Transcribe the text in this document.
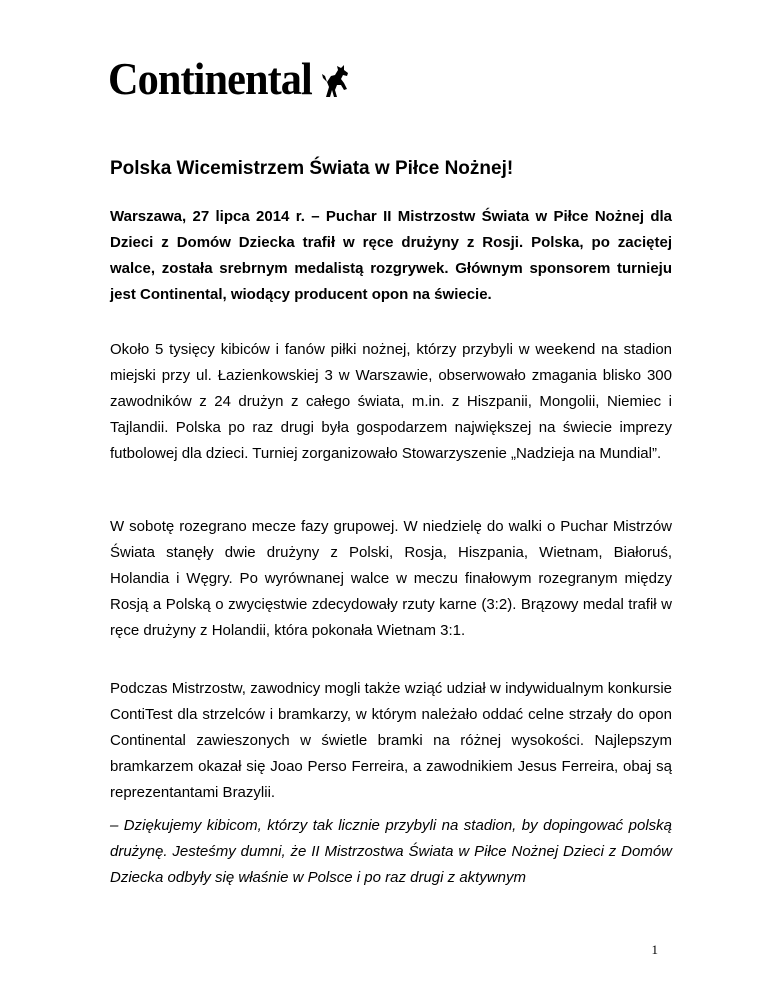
Continental
Polska Wicemistrzem Świata w Piłce Nożnej!

Warszawa, 27 lipca 2014 r. – Puchar II Mistrzostw Świata w Piłce Nożnej dla Dzieci z Domów Dziecka trafił w ręce drużyny z Rosji. Polska, po zaciętej walce, została srebrnym medalistą rozgrywek. Głównym sponsorem turnieju jest Continental, wiodący producent opon na świecie.

Około 5 tysięcy kibiców i fanów piłki nożnej, którzy przybyli w weekend na stadion miejski przy ul. Łazienkowskiej 3 w Warszawie, obserwowało zmagania blisko 300 zawodników z 24 drużyn z całego świata, m.in. z Hiszpanii, Mongolii, Niemiec i Tajlandii. Polska po raz drugi była gospodarzem największej na świecie imprezy futbolowej dla dzieci. Turniej zorganizowało Stowarzyszenie „Nadzieja na Mundial”.

W sobotę rozegrano mecze fazy grupowej. W niedzielę do walki o Puchar Mistrzów Świata stanęły dwie drużyny z Polski, Rosja, Hiszpania, Wietnam, Białoruś, Holandia i Węgry. Po wyrównanej walce w meczu finałowym rozegranym między Rosją a Polską o zwycięstwie zdecydowały rzuty karne (3:2). Brązowy medal trafił w ręce drużyny z Holandii, która pokonała Wietnam 3:1.

Podczas Mistrzostw, zawodnicy mogli także wziąć udział w indywidualnym konkursie ContiTest dla strzelców i bramkarzy, w którym należało oddać celne strzały do opon Continental zawieszonych w świetle bramki na różnej wysokości. Najlepszym bramkarzem okazał się Joao Perso Ferreira, a zawodnikiem Jesus Ferreira, obaj są reprezentantami Brazylii.

– Dziękujemy kibicom, którzy tak licznie przybyli na stadion, by dopingować polską drużynę. Jesteśmy dumni, że II Mistrzostwa Świata w Piłce Nożnej Dzieci z Domów Dziecka odbyły się właśnie w Polsce i po raz drugi z aktywnym

1
